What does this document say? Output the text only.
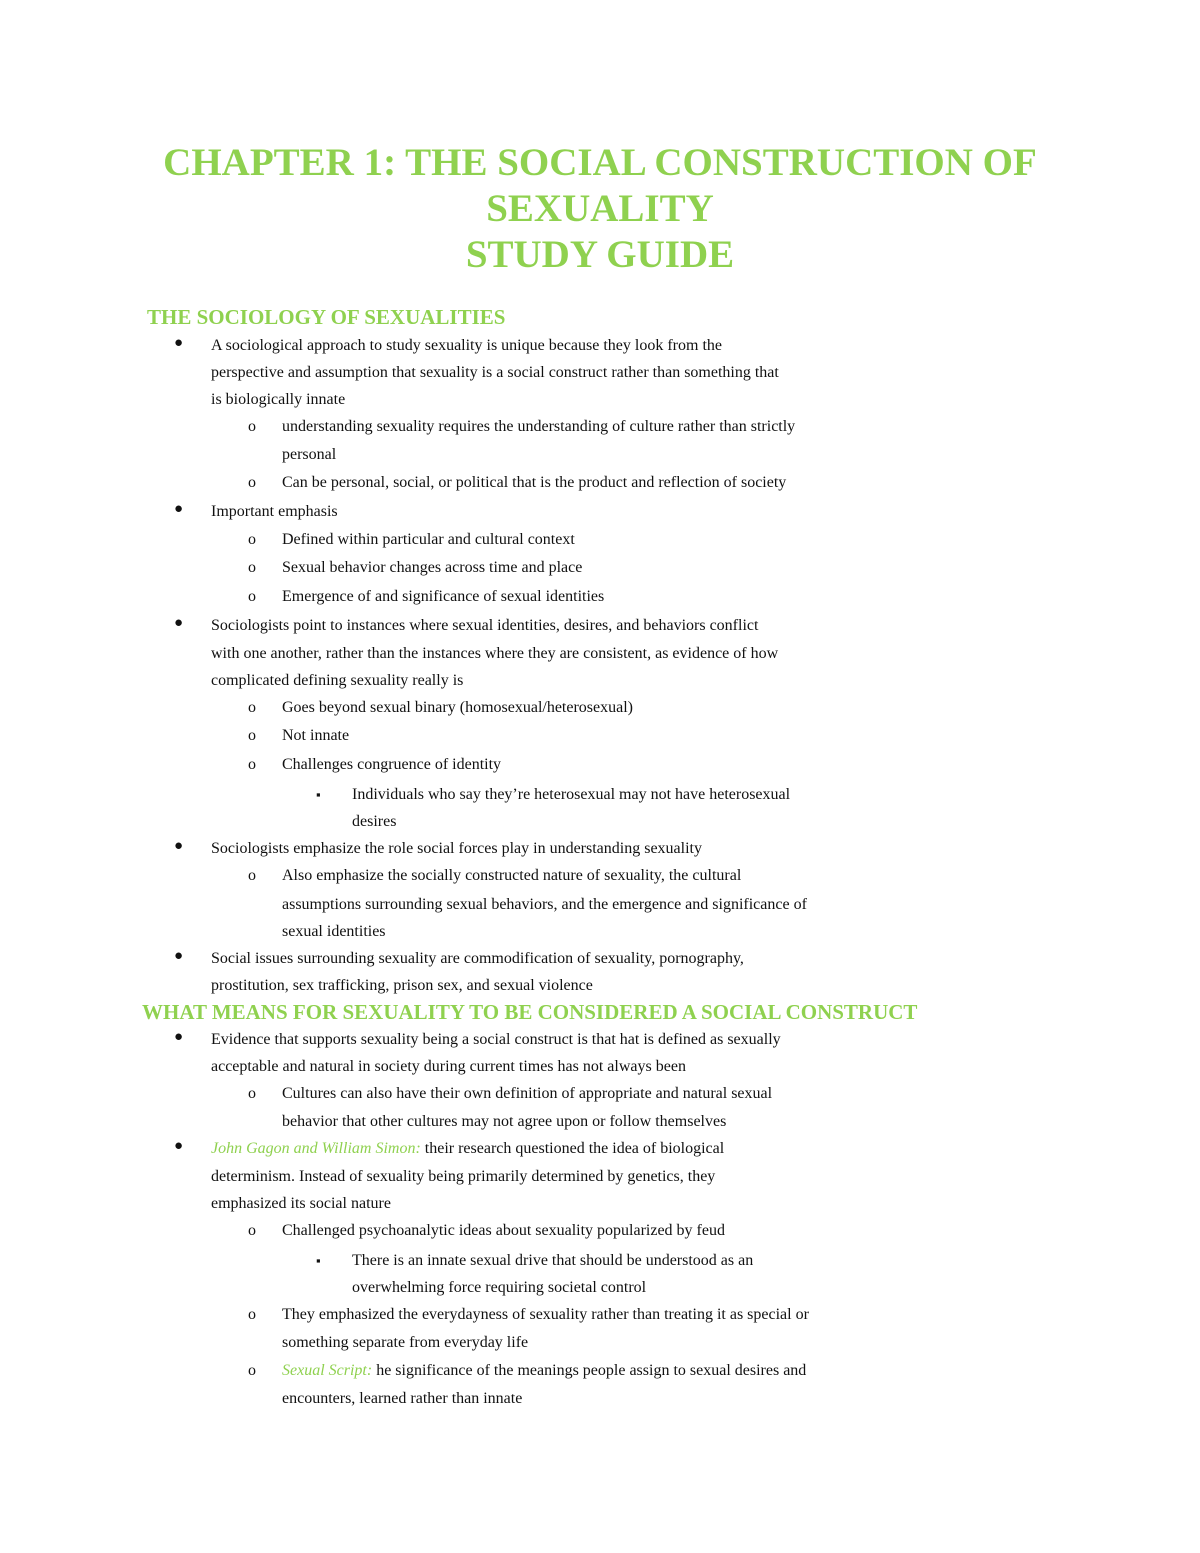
CHAPTER 1: THE SOCIAL CONSTRUCTION OF
SEXUALITY
STUDY GUIDE
THE SOCIOLOGY OF SEXUALITIES
● A sociological approach to study sexuality is unique because they look from the
perspective and assumption that sexuality is a social construct rather than something that
is biologically innate
o understanding sexuality requires the understanding of culture rather than strictly
personal
o Can be personal, social, or political that is the product and reflection of society
● Important emphasis
o Defined within particular and cultural context
o Sexual behavior changes across time and place
o Emergence of and significance of sexual identities
● Sociologists point to instances where sexual identities, desires, and behaviors conflict
with one another, rather than the instances where they are consistent, as evidence of how
complicated defining sexuality really is
o Goes beyond sexual binary (homosexual/heterosexual)
o Not innate
o Challenges congruence of identity
▪ Individuals who say they’re heterosexual may not have heterosexual
desires
● Sociologists emphasize the role social forces play in understanding sexuality
o Also emphasize the socially constructed nature of sexuality, the cultural
assumptions surrounding sexual behaviors, and the emergence and significance of
sexual identities
● Social issues surrounding sexuality are commodification of sexuality, pornography,
prostitution, sex trafficking, prison sex, and sexual violence
WHAT MEANS FOR SEXUALITY TO BE CONSIDERED A SOCIAL CONSTRUCT
● Evidence that supports sexuality being a social construct is that hat is defined as sexually
acceptable and natural in society during current times has not always been
o Cultures can also have their own definition of appropriate and natural sexual
behavior that other cultures may not agree upon or follow themselves
● John Gagon and William Simon: their research questioned the idea of biological
determinism. Instead of sexuality being primarily determined by genetics, they
emphasized its social nature
o Challenged psychoanalytic ideas about sexuality popularized by feud
▪ There is an innate sexual drive that should be understood as an
overwhelming force requiring societal control
o They emphasized the everydayness of sexuality rather than treating it as special or
something separate from everyday life
o Sexual Script: he significance of the meanings people assign to sexual desires and
encounters, learned rather than innate
